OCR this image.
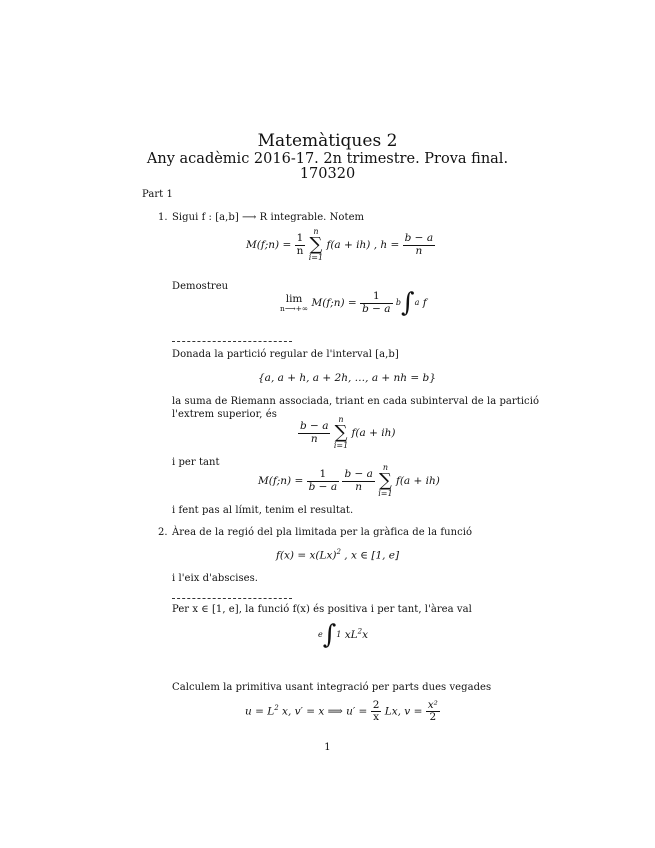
Matemàtiques 2
Any acadèmic 2016-17. 2n trimestre. Prova final.
170320
Part 1
1. Sigui f : [a,b] ⟶ R integrable. Notem
M(f;n) = $\frac{1}{n}$
n
∑
i=1 f(a + ih) , $h = \frac{b - a}{n}$
Demostreu
lim
n⟶+∞ M(f;n) = $\frac{1}{b - a} b\int a$ f
Donada la partició regular de l'interval [a,b]
{a, a + h, a + 2h, …, a + nh = b}
la suma de Riemann associada, triant en cada subinterval de la partició
l'extrem superior, és
$\frac{b - a}{n}$
n
∑
i=1 f(a + ih)
i per tant
M(f;n) = $\frac{1}{b - a}$
$\frac{b - a}{n}$
n
∑
i=1 f(a + ih)
i fent pas al límit, tenim el resultat.
2. Àrea de la regió del pla limitada per la gràfica de la funció
$f(x) = x(Lx)^2$ , x ∈ [1, e]
i l'eix d'abscises.
Per x ∈ [1, e], la funció f(x) és positiva i per tant, l'àrea val
e∫1 $xL^2x$
Calculem la primitiva usant integració per parts dues vegades
$u = L^2$ x, v′ = x ⟹ $u' = \frac{2}{x} Lx$, $v = \frac{\text{x²}}{2}$
1
